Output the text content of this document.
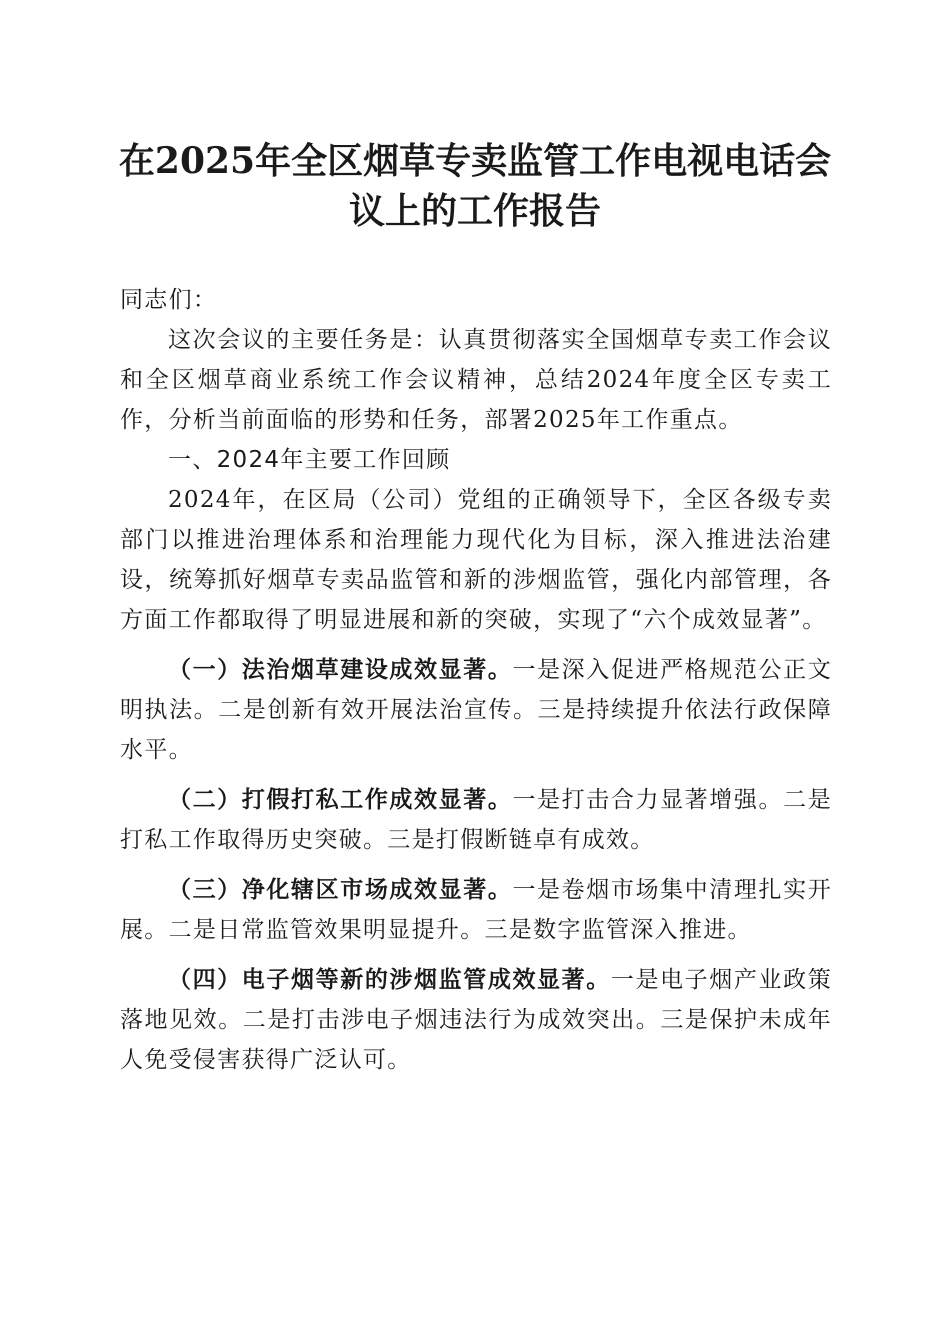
在2025年全区烟草专卖监管工作电视电话会议上的工作报告

同志们：

这次会议的主要任务是：认真贯彻落实全国烟草专卖工作会议和全区烟草商业系统工作会议精神，总结2024年度全区专卖工作，分析当前面临的形势和任务，部署2025年工作重点。

一、2024年主要工作回顾

2024年，在区局（公司）党组的正确领导下，全区各级专卖部门以推进治理体系和治理能力现代化为目标，深入推进法治建设，统筹抓好烟草专卖品监管和新的涉烟监管，强化内部管理，各方面工作都取得了明显进展和新的突破，实现了“六个成效显著”。

（一）法治烟草建设成效显著。一是深入促进严格规范公正文明执法。二是创新有效开展法治宣传。三是持续提升依法行政保障水平。

（二）打假打私工作成效显著。一是打击合力显著增强。二是打私工作取得历史突破。三是打假断链卓有成效。

（三）净化辖区市场成效显著。一是卷烟市场集中清理扎实开展。二是日常监管效果明显提升。三是数字监管深入推进。

（四）电子烟等新的涉烟监管成效显著。一是电子烟产业政策落地见效。二是打击涉电子烟违法行为成效突出。三是保护未成年人免受侵害获得广泛认可。
